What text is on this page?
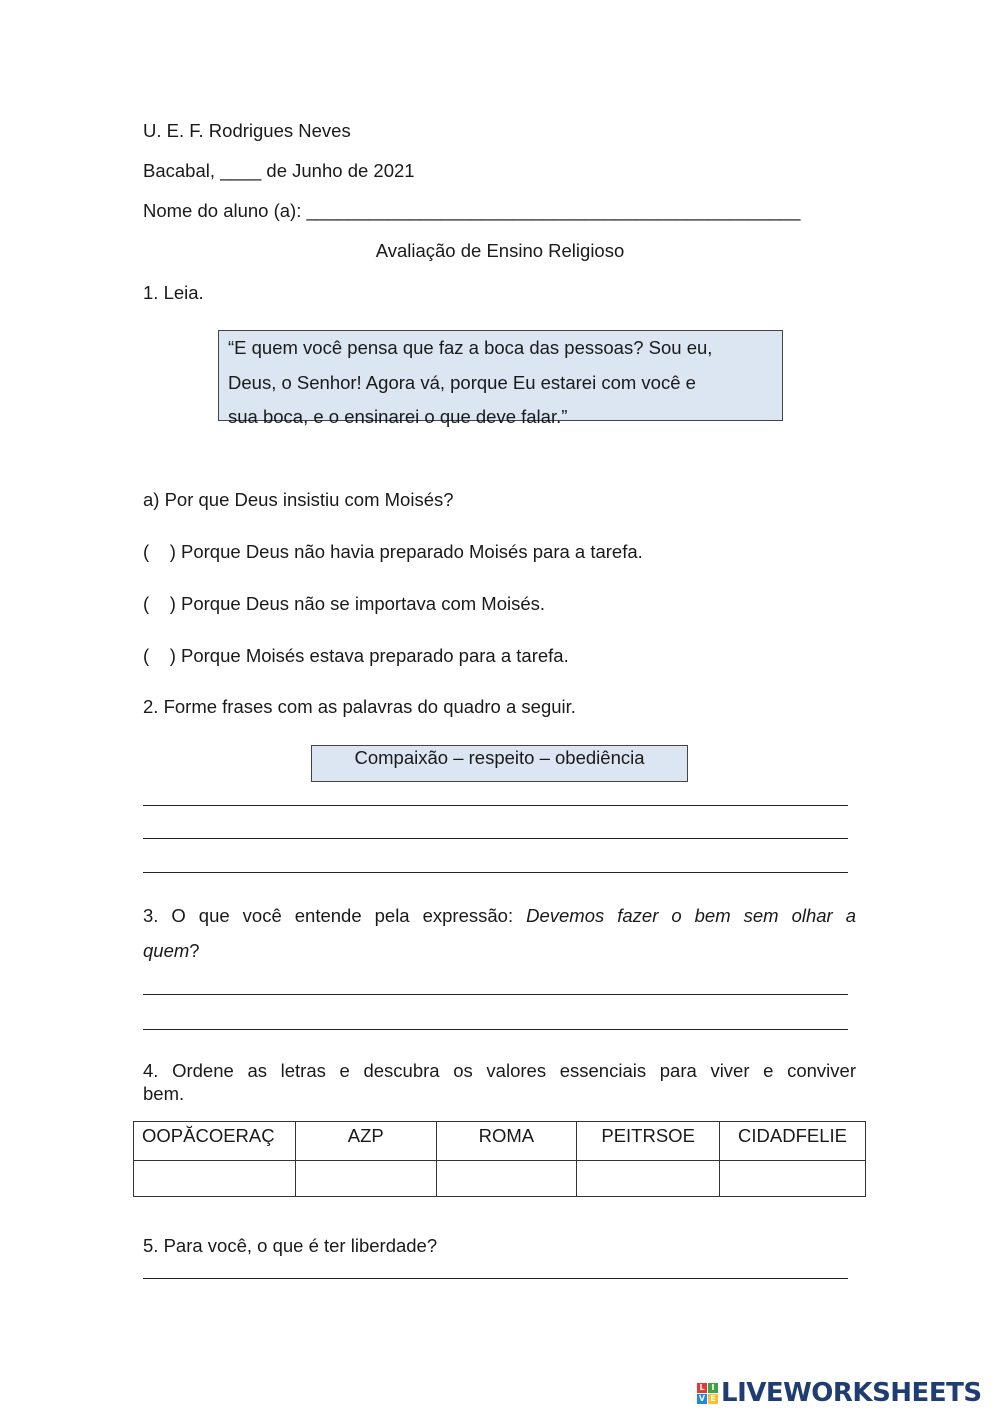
U. E. F. Rodrigues Neves
Bacabal, ____ de Junho de 2021
Nome do aluno (a): ________________________________________________
Avaliação de Ensino Religioso
1. Leia.

“E quem você pensa que faz a boca das pessoas? Sou eu,

Deus, o Senhor! Agora vá, porque Eu estarei com você e

sua boca, e o ensinarei o que deve falar.”

a) Por que Deus insistiu com Moisés?
(    ) Porque Deus não havia preparado Moisés para a tarefa.
(    ) Porque Deus não se importava com Moisés.
(    ) Porque Moisés estava preparado para a tarefa.
2. Forme frases com as palavras do quadro a seguir.
Compaixão – respeito – obediência
3. O que você entende pela expressão: Devemos fazer o bem sem olhar a
quem?
4. Ordene as letras e descubra os valores essenciais para viver e conviver
bem.
OOPĂCOERAÇ	AZP	ROMA	PEITRSOE	CIDADFELIE

5. Para você, o que é ter liberdade?
L I
V E LIVEWORKSHEETS
